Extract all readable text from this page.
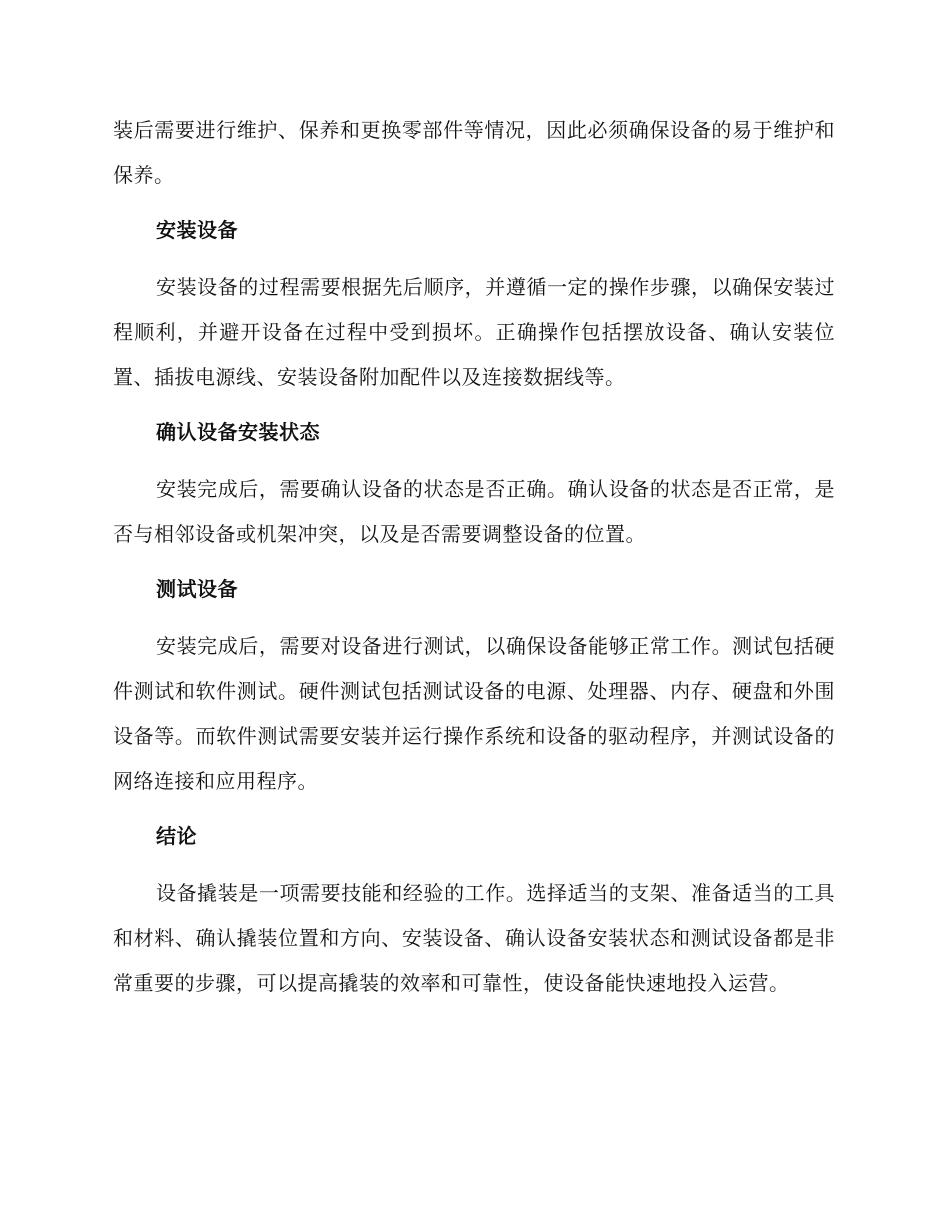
装后需要进行维护、保养和更换零部件等情况，因此必须确保设备的易于维护和保养。

安装设备

安装设备的过程需要根据先后顺序，并遵循一定的操作步骤，以确保安装过程顺利，并避开设备在过程中受到损坏。正确操作包括摆放设备、确认安装位置、插拔电源线、安装设备附加配件以及连接数据线等。

确认设备安装状态

安装完成后，需要确认设备的状态是否正确。确认设备的状态是否正常，是否与相邻设备或机架冲突，以及是否需要调整设备的位置。

测试设备

安装完成后，需要对设备进行测试，以确保设备能够正常工作。测试包括硬件测试和软件测试。硬件测试包括测试设备的电源、处理器、内存、硬盘和外围设备等。而软件测试需要安装并运行操作系统和设备的驱动程序，并测试设备的网络连接和应用程序。

结论

设备撬装是一项需要技能和经验的工作。选择适当的支架、准备适当的工具和材料、确认撬装位置和方向、安装设备、确认设备安装状态和测试设备都是非常重要的步骤，可以提高撬装的效率和可靠性，使设备能快速地投入运营。
